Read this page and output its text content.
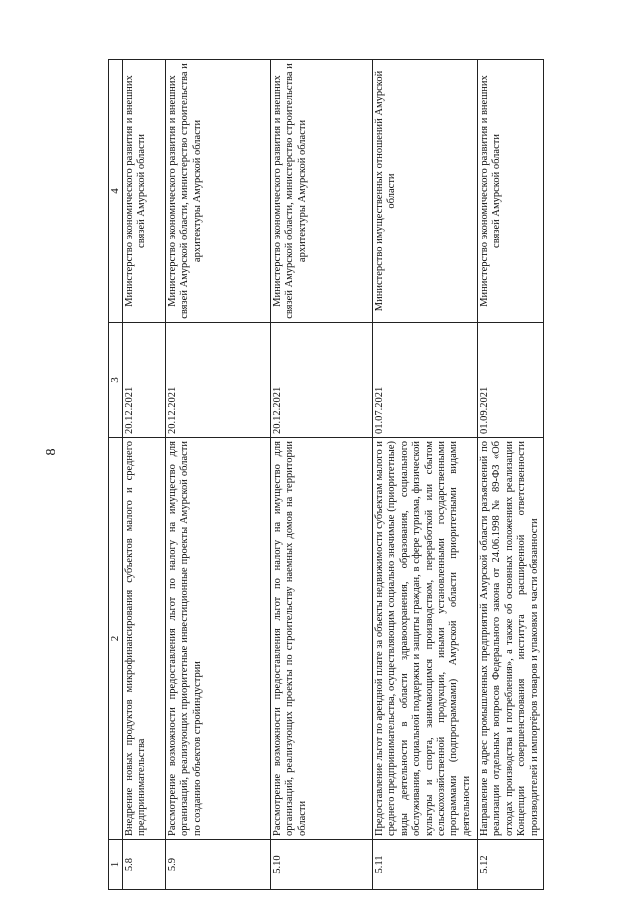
8
1	2	3	4
5.8	Внедрение новых продуктов микрофинансирования субъектов малого и среднего предпринимательства	20.12.2021	Министерство экономического развития и внешних связей Амурской области
5.9	Рассмотрение возможности предоставления льгот по налогу на имущество для организаций, реализующих приоритетные инвестиционные проекты Амурской области по созданию объектов стройиндустрии	20.12.2021	Министерство экономического развития и внешних связей Амурской области, министерство строительства и архитектуры Амурской области
5.10	Рассмотрение возможности предоставления льгот по налогу на имущество для организаций, реализующих проекты по строительству наемных домов на территории области	20.12.2021	Министерство экономического развития и внешних связей Амурской области, министерство строительства и архитектуры Амурской области
5.11	Предоставление льгот по арендной плате за объекты недвижимости субъектам малого и среднего предпринимательства, осуществляющим социально значимые (приоритетные) виды деятельности в области здравоохранения, образования, социального обслуживания, социальной поддержки и защиты граждан, в сфере туризма, физической культуры и спорта, занимающимся производством, переработкой или сбытом сельскохозяйственной продукции, иными установленными государственными программами (подпрограммами) Амурской области приоритетными видами деятельности	01.07.2021	Министерство имущественных отношений Амурской области
5.12	Направление в адрес промышленных предприятий Амурской области разъяснений по реализации отдельных вопросов Федерального закона от 24.06.1998 № 89-ФЗ «Об отходах производства и потребления», а также об основных положениях реализации Концепции совершенствования института расширенной ответственности производителей и импортёров товаров и упаковки в части обязанности	01.09.2021	Министерство экономического развития и внешних связей Амурской области
